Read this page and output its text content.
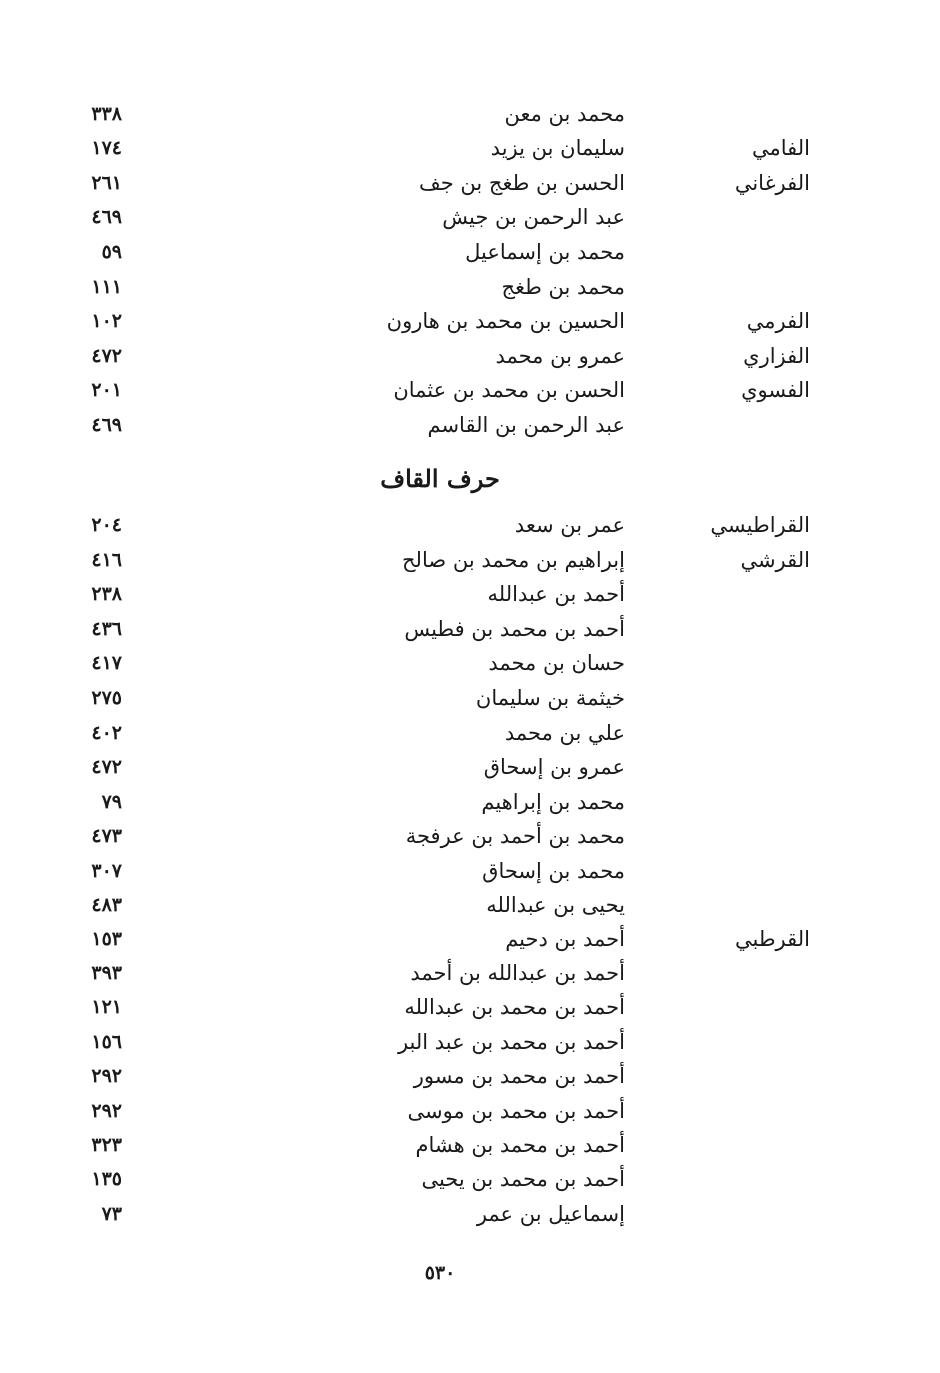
محمد بن معن
٣٣٨
الفامي
سليمان بن يزيد
١٧٤
الفرغاني
الحسن بن طغج بن جف
٢٦١
عبد الرحمن بن جيش
٤٦٩
محمد بن إسماعيل
٥٩
محمد بن طغج
١١١
الفرمي
الحسين بن محمد بن هارون
١٠٢
الفزاري
عمرو بن محمد
٤٧٢
الفسوي
الحسن بن محمد بن عثمان
٢٠١
عبد الرحمن بن القاسم
٤٦٩
حرف القاف
القراطيسي
عمر بن سعد
٢٠٤
القرشي
إبراهيم بن محمد بن صالح
٤١٦
أحمد بن عبدالله
٢٣٨
أحمد بن محمد بن فطيس
٤٣٦
حسان بن محمد
٤١٧
خيثمة بن سليمان
٢٧٥
علي بن محمد
٤٠٢
عمرو بن إسحاق
٤٧٢
محمد بن إبراهيم
٧٩
محمد بن أحمد بن عرفجة
٤٧٣
محمد بن إسحاق
٣٠٧
يحيى بن عبدالله
٤٨٣
القرطبي
أحمد بن دحيم
١٥٣
أحمد بن عبدالله بن أحمد
٣٩٣
أحمد بن محمد بن عبدالله
١٢١
أحمد بن محمد بن عبد البر
١٥٦
أحمد بن محمد بن مسور
٢٩٢
أحمد بن محمد بن موسى
٢٩٢
أحمد بن محمد بن هشام
٣٢٣
أحمد بن محمد بن يحيى
١٣٥
إسماعيل بن عمر
٧٣
٥٣٠
